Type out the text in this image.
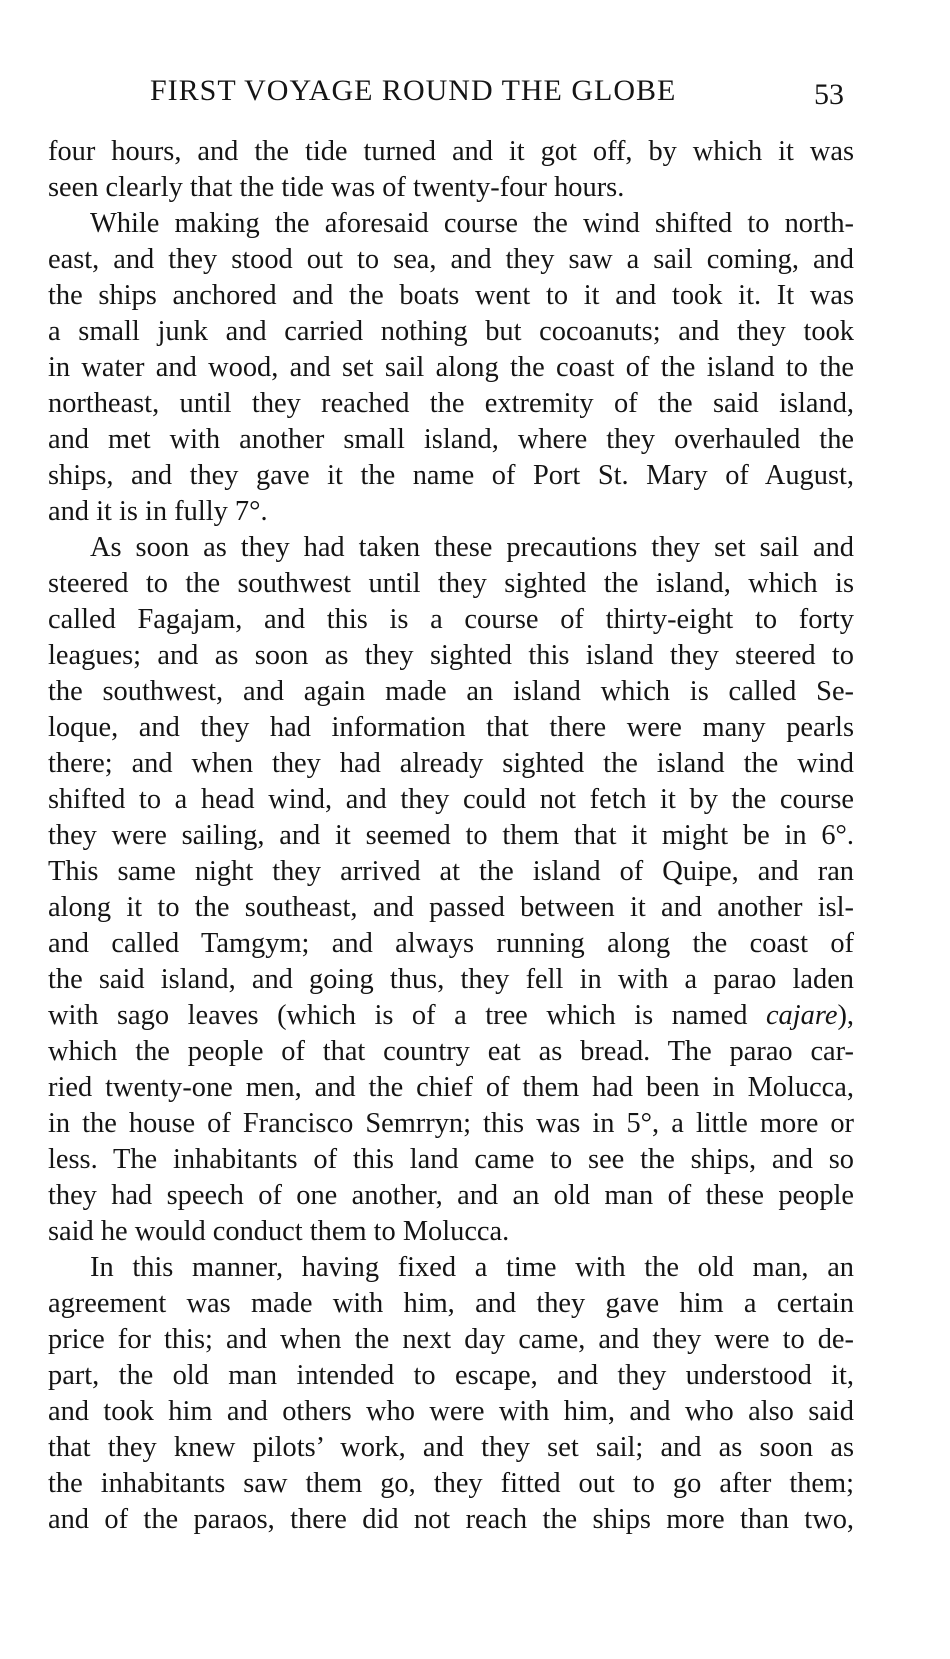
FIRST VOYAGE ROUND THE GLOBE	53
four hours, and the tide turned and it got off, by which it was
seen clearly that the tide was of twenty-four hours.
While making the aforesaid course the wind shifted to north-
east, and they stood out to sea, and they saw a sail coming, and
the ships anchored and the boats went to it and took it. It was
a small junk and carried nothing but cocoanuts; and they took
in water and wood, and set sail along the coast of the island to the
northeast, until they reached the extremity of the said island,
and met with another small island, where they overhauled the
ships, and they gave it the name of Port St. Mary of August,
and it is in fully 7°.
As soon as they had taken these precautions they set sail and
steered to the southwest until they sighted the island, which is
called Fagajam, and this is a course of thirty-eight to forty
leagues; and as soon as they sighted this island they steered to
the southwest, and again made an island which is called Se-
loque, and they had information that there were many pearls
there; and when they had already sighted the island the wind
shifted to a head wind, and they could not fetch it by the course
they were sailing, and it seemed to them that it might be in 6°.
This same night they arrived at the island of Quipe, and ran
along it to the southeast, and passed between it and another isl-
and called Tamgym; and always running along the coast of
the said island, and going thus, they fell in with a parao laden
with sago leaves (which is of a tree which is named cajare),
which the people of that country eat as bread. The parao car-
ried twenty-one men, and the chief of them had been in Molucca,
in the house of Francisco Semrryn; this was in 5°, a little more or
less. The inhabitants of this land came to see the ships, and so
they had speech of one another, and an old man of these people
said he would conduct them to Molucca.
In this manner, having fixed a time with the old man, an
agreement was made with him, and they gave him a certain
price for this; and when the next day came, and they were to de-
part, the old man intended to escape, and they understood it,
and took him and others who were with him, and who also said
that they knew pilots’ work, and they set sail; and as soon as
the inhabitants saw them go, they fitted out to go after them;
and of the paraos, there did not reach the ships more than two,
